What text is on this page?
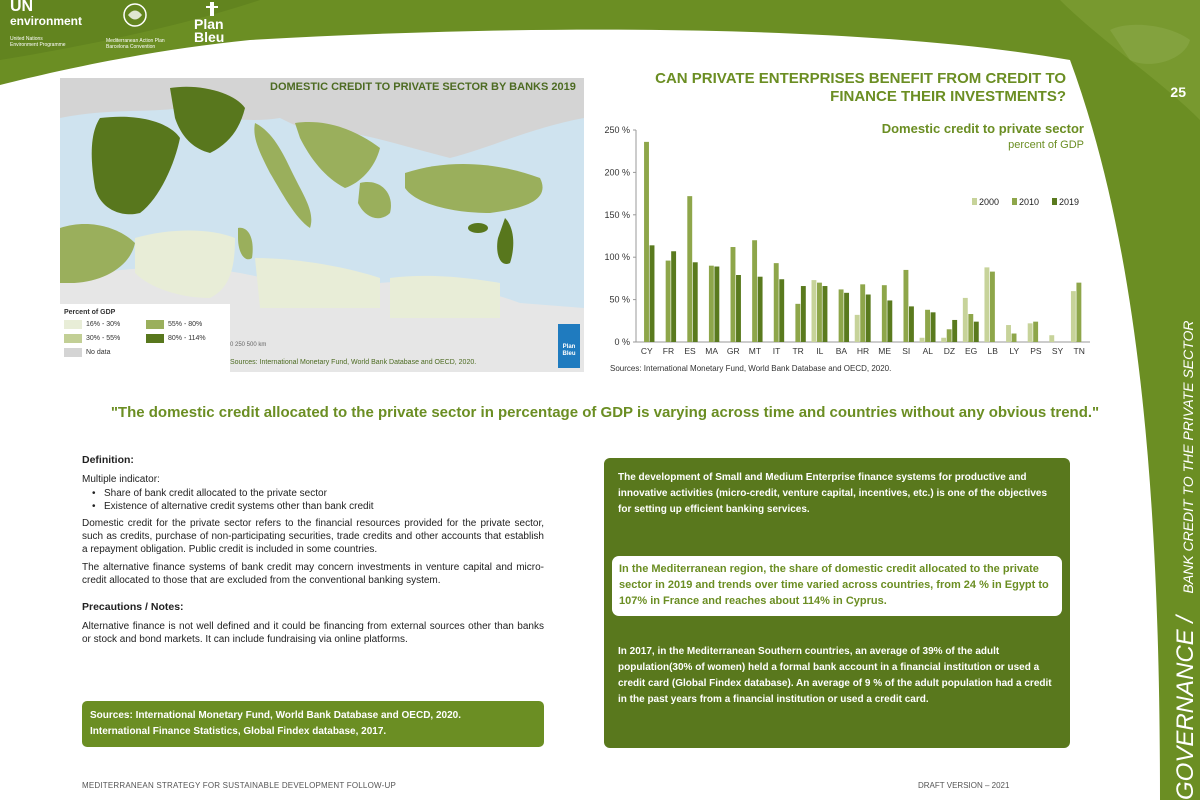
UN
environment
United Nations
Environment Programme
Mediterranean Action Plan
Barcelona Convention
Plan
Bleu
25
GOVERNANCE / BANK CREDIT TO THE PRIVATE SECTOR
DOMESTIC CREDIT TO PRIVATE SECTOR BY BANKS 2019
Percent of GDP
16% - 30%	55% - 80%
30% - 55%	80% - 114%
No data
0 250 500 km
Sources: International Monetary Fund, World Bank Database and OECD, 2020.
Plan
Bleu
CAN PRIVATE ENTERPRISES BENEFIT FROM CREDIT TO
FINANCE THEIR INVESTMENTS?
0 %
50 %
100 %
150 %
200 %
250 %
CY FR ES MA GR MT IT TR IL BA HR ME SI AL DZ EG LB LY PS SY TN
Domestic credit to private sector
percent of GDP
2000 2010 2019
Sources: International Monetary Fund, World Bank Database and OECD, 2020.
"The domestic credit allocated to the private sector in percentage of GDP is varying across time and countries without any obvious trend."
Definition:
Multiple indicator:
• Share of bank credit allocated to the private sector
• Existence of alternative credit systems other than bank credit

Domestic credit for the private sector refers to the financial resources provided for the private sector, such as credits, purchase of non-participating securities, trade credits and other accounts that establish a repayment obligation. Public credit is included in some countries.

The alternative finance systems of bank credit may concern investments in venture capital and micro-credit allocated to those that are excluded from the conventional banking system.

Precautions / Notes:

Alternative finance is not well defined and it could be financing from external sources other than banks or stock and bond markets. It can include fundraising via online platforms.

Sources: International Monetary Fund, World Bank Database and OECD, 2020.
International Finance Statistics, Global Findex database, 2017.
The development of Small and Medium Enterprise finance systems for productive and innovative activities (micro-credit, venture capital, incentives, etc.) is one of the objectives for setting up efficient banking services.
In the Mediterranean region, the share of domestic credit allocated to the private sector in 2019 and trends over time varied across countries, from 24 % in Egypt to 107% in France and reaches about 114% in Cyprus.
In 2017, in the Mediterranean Southern countries, an average of 39% of the adult population(30% of women) held a formal bank account in a financial institution or used a credit card (Global Findex database). An average of 9 % of the adult population had a credit in the past years from a financial institution or used a credit card.
MEDITERRANEAN STRATEGY FOR SUSTAINABLE DEVELOPMENT FOLLOW-UP	DRAFT VERSION – 2021
